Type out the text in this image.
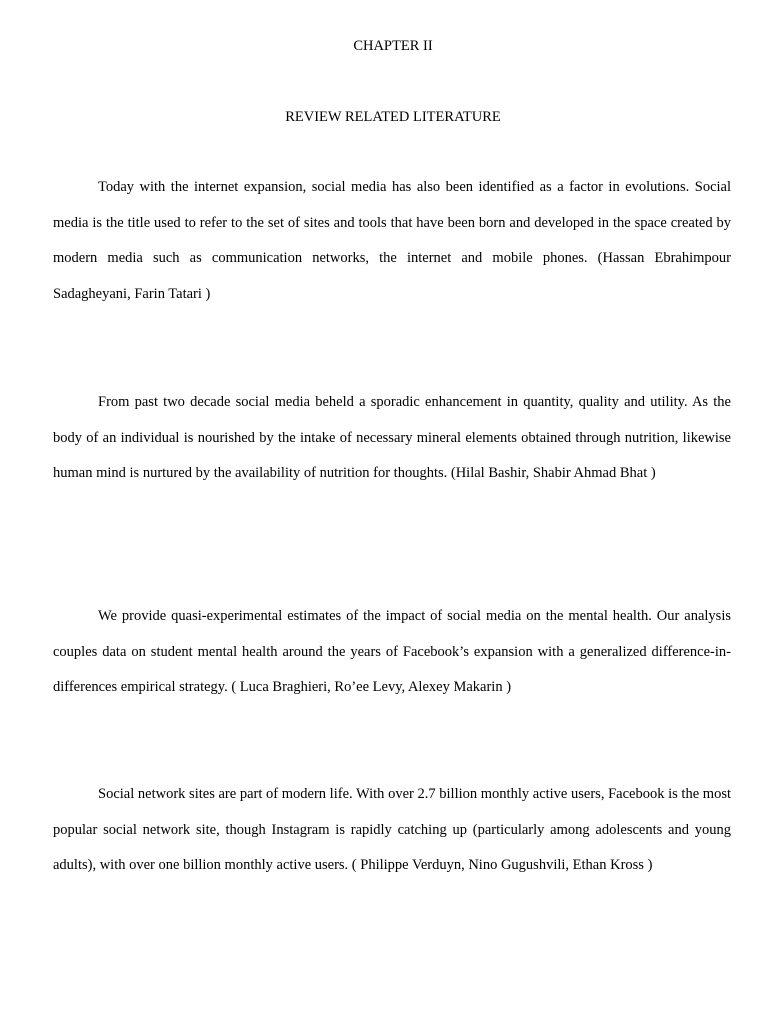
CHAPTER II
REVIEW RELATED LITERATURE

Today with the internet expansion, social media has also been identified as a factor in evolutions. Social media is the title used to refer to the set of sites and tools that have been born and developed in the space created by modern media such as communication networks, the internet and mobile phones. (Hassan Ebrahimpour Sadagheyani, Farin Tatari )

From past two decade social media beheld a sporadic enhancement in quantity, quality and utility. As the body of an individual is nourished by the intake of necessary mineral elements obtained through nutrition, likewise human mind is nurtured by the availability of nutrition for thoughts. (Hilal Bashir, Shabir Ahmad Bhat )

We provide quasi-experimental estimates of the impact of social media on the mental health. Our analysis couples data on student mental health around the years of Facebook’s expansion with a generalized difference-in-differences empirical strategy. ( Luca Braghieri, Ro’ee Levy, Alexey Makarin )

Social network sites are part of modern life. With over 2.7 billion monthly active users, Facebook is the most popular social network site, though Instagram is rapidly catching up (particularly among adolescents and young adults), with over one billion monthly active users. ( Philippe Verduyn, Nino Gugushvili, Ethan Kross )
